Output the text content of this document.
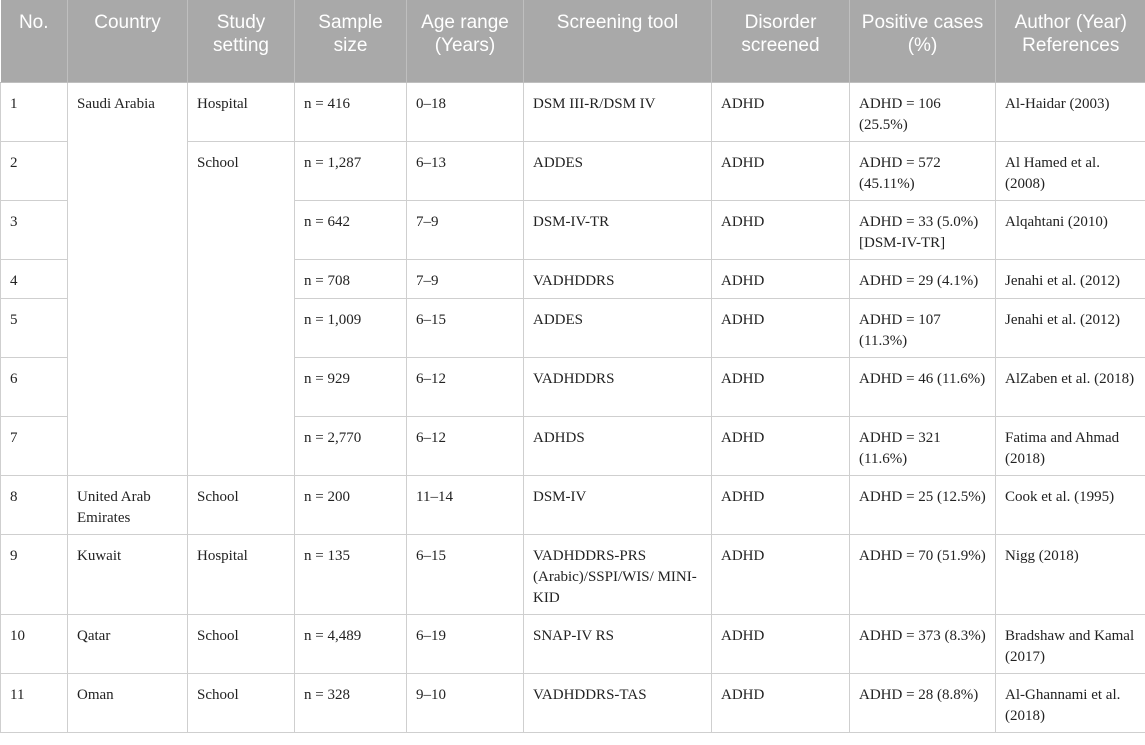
No.	Country	Study setting	Sample size	Age range (Years)	Screening tool	Disorder screened	Positive cases (%)	Author (Year) References
1	Saudi Arabia	Hospital	n = 416	0–18	DSM III-R/DSM IV	ADHD	ADHD = 106 (25.5%)	Al-Haidar (2003)
2		School	n = 1,287	6–13	ADDES	ADHD	ADHD = 572 (45.11%)	Al Hamed et al. (2008)
3			n = 642	7–9	DSM-IV-TR	ADHD	ADHD = 33 (5.0%) [DSM-IV-TR]	Alqahtani (2010)
4			n = 708	7–9	VADHDDRS	ADHD	ADHD = 29 (4.1%)	Jenahi et al. (2012)
5			n = 1,009	6–15	ADDES	ADHD	ADHD = 107 (11.3%)	Jenahi et al. (2012)
6			n = 929	6–12	VADHDDRS	ADHD	ADHD = 46 (11.6%)	AlZaben et al. (2018)
7			n = 2,770	6–12	ADHDS	ADHD	ADHD = 321 (11.6%)	Fatima and Ahmad (2018)
8	United Arab Emirates	School	n = 200	11–14	DSM-IV	ADHD	ADHD = 25 (12.5%)	Cook et al. (1995)
9	Kuwait	Hospital	n = 135	6–15	VADHDDRS-PRS (Arabic)/SSPI/WIS/ MINI-KID	ADHD	ADHD = 70 (51.9%)	Nigg (2018)
10	Qatar	School	n = 4,489	6–19	SNAP-IV RS	ADHD	ADHD = 373 (8.3%)	Bradshaw and Kamal (2017)
11	Oman	School	n = 328	9–10	VADHDDRS-TAS	ADHD	ADHD = 28 (8.8%)	Al-Ghannami et al. (2018)
